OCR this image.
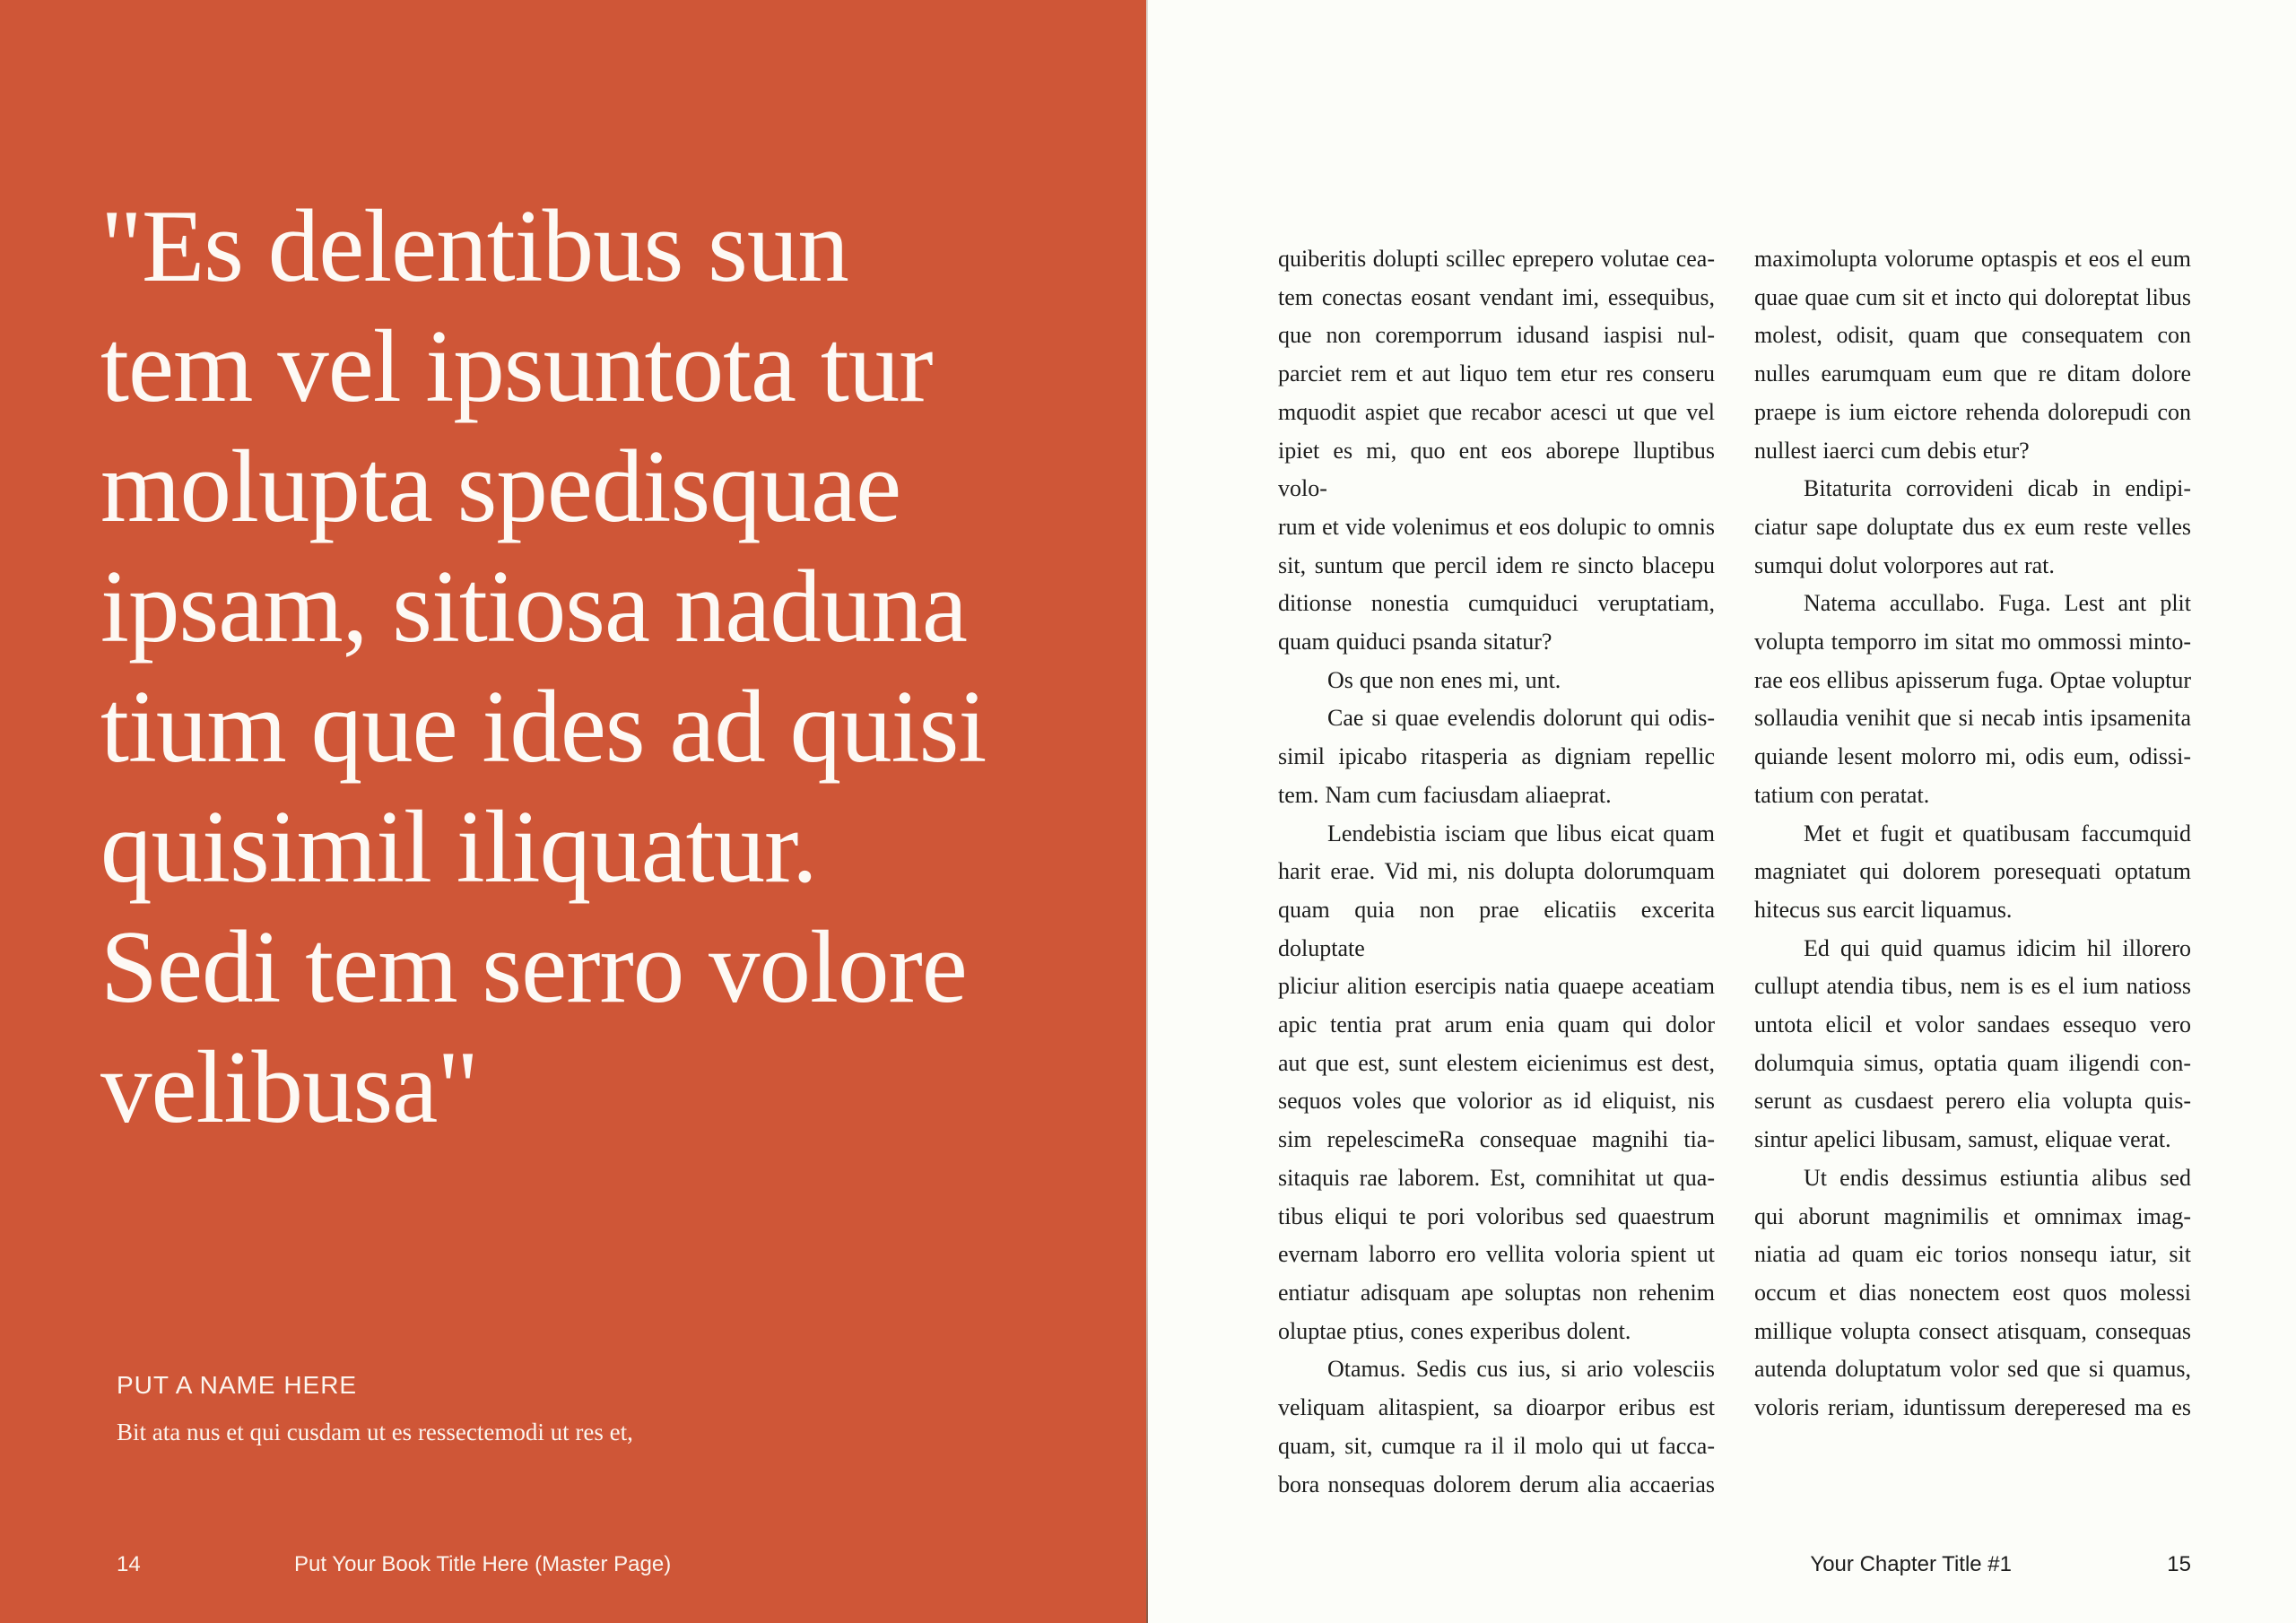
"Es delentibus sun
tem vel ipsuntota tur
molupta spedisquae
ipsam, sitiosa naduna
tium que ides ad quisi
quisimil iliquatur.
Sedi tem serro volore
velibusa"
PUT A NAME HERE
Bit ata nus et qui cusdam ut es ressectemodi ut res et,
14	Put Your Book Title Here (Master Page)
quiberitis dolupti scillec eprepero volutae cea-
tem conectas eosant vendant imi, essequibus,
que non coremporrum idusand iaspisi nul-
parciet rem et aut liquo tem etur res conseru
mquodit aspiet que recabor acesci ut que vel
ipiet es mi, quo ent eos aborepe lluptibus volo-
rum et vide volenimus et eos dolupic to omnis
sit, suntum que percil idem re sincto blacepu
ditionse nonestia cumquiduci veruptatiam,
quam quiduci psanda sitatur?
Os que non enes mi, unt.
Cae si quae evelendis dolorunt qui odis-
simil ipicabo ritasperia as digniam repellic
tem. Nam cum faciusdam aliaeprat.
Lendebistia isciam que libus eicat quam
harit erae. Vid mi, nis dolupta dolorumquam
quam quia non prae elicatiis excerita doluptate
pliciur alition esercipis natia quaepe aceatiam
apic tentia prat arum enia quam qui dolor
aut que est, sunt elestem eicienimus est dest,
sequos voles que volorior as id eliquist, nis
sim repelescimeRa consequae magnihi tia-
sitaquis rae laborem. Est, comnihitat ut qua-
tibus eliqui te pori voloribus sed quaestrum
evernam laborro ero vellita voloria spient ut
entiatur adisquam ape soluptas non rehenim
oluptae ptius, cones experibus dolent.
Otamus. Sedis cus ius, si ario volesciis
veliquam alitaspient, sa dioarpor eribus est
quam, sit, cumque ra il il molo qui ut facca-
bora nonsequas dolorem derum alia accaerias
maximolupta volorume optaspis et eos el eum
quae quae cum sit et incto qui doloreptat libus
molest, odisit, quam que consequatem con
nulles earumquam eum que re ditam dolore
praepe is ium eictore rehenda dolorepudi con
nullest iaerci cum debis etur?
Bitaturita corrovideni dicab in endipi-
ciatur sape doluptate dus ex eum reste velles
sumqui dolut volorpores aut rat.
Natema accullabo. Fuga. Lest ant plit
volupta temporro im sitat mo ommossi minto-
rae eos ellibus apisserum fuga. Optae voluptur
sollaudia venihit que si necab intis ipsamenita
quiande lesent molorro mi, odis eum, odissi-
tatium con peratat.
Met et fugit et quatibusam faccumquid
magniatet qui dolorem poresequati optatum
hitecus sus earcit liquamus.
Ed qui quid quamus idicim hil illorero
cullupt atendia tibus, nem is es el ium natioss
untota elicil et volor sandaes essequo vero
dolumquia simus, optatia quam iligendi con-
serunt as cusdaest perero elia volupta quis-
sintur apelici libusam, samust, eliquae verat.
Ut endis dessimus estiuntia alibus sed
qui aborunt magnimilis et omnimax imag-
niatia ad quam eic torios nonsequ iatur, sit
occum et dias nonectem eost quos molessi
millique volupta consect atisquam, consequas
autenda doluptatum volor sed que si quamus,
voloris reriam, iduntissum dereperesed ma es
Your Chapter Title #1	15
